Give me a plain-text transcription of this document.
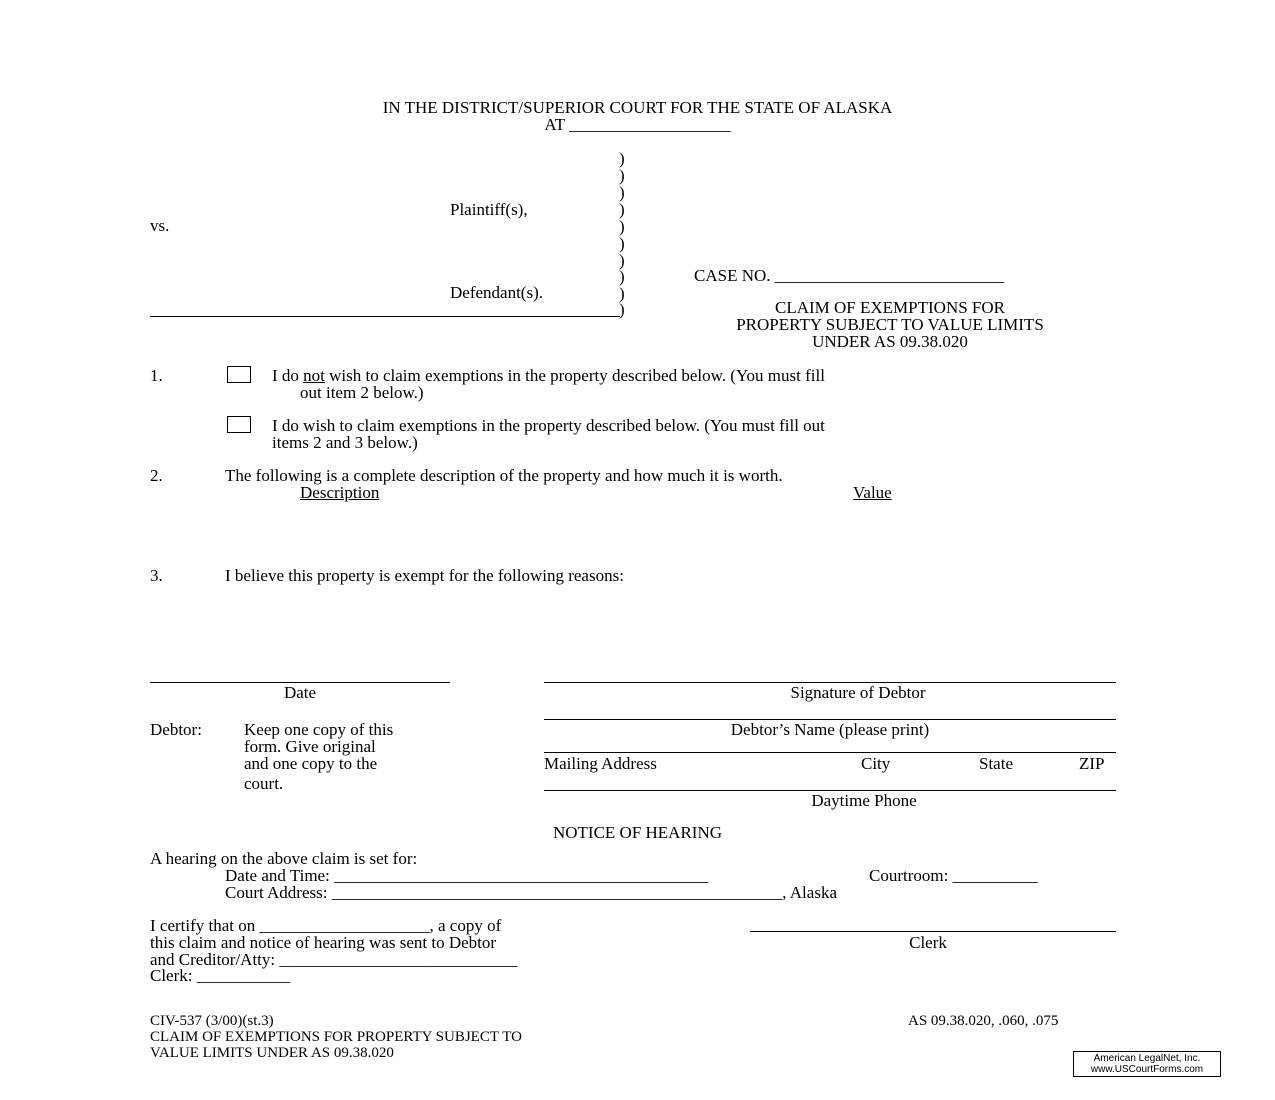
IN THE DISTRICT/SUPERIOR COURT FOR THE STATE OF ALASKA
AT ___________________
)
)
)
)
)
)
)
)
)
)
Plaintiff(s),
vs.
Defendant(s).
CASE NO. ___________________________
CLAIM OF EXEMPTIONS FOR
PROPERTY SUBJECT TO VALUE LIMITS
UNDER AS 09.38.020
1.	I do not wish to claim exemptions in the property described below. (You must fill
out item 2 below.)
I do wish to claim exemptions in the property described below. (You must fill out
items 2 and 3 below.)
2.	The following is a complete description of the property and how much it is worth.
Description	Value
3.	I believe this property is exempt for the following reasons:
Date	Signature of Debtor
Debtor’s Name (please print)
Mailing Address	City	State	ZIP
Daytime Phone
Debtor: Keep one copy of this
form. Give original
and one copy to the
court.
NOTICE OF HEARING
A hearing on the above claim is set for:
Date and Time: ____________________________________________	Courtroom: __________
Court Address: _____________________________________________________, Alaska
I certify that on ____________________, a copy of
this claim and notice of hearing was sent to Debtor
and Creditor/Atty: ____________________________
Clerk: ___________
Clerk
CIV-537 (3/00)(st.3)
CLAIM OF EXEMPTIONS FOR PROPERTY SUBJECT TO
VALUE LIMITS UNDER AS 09.38.020
AS 09.38.020, .060, .075
American LegalNet, Inc.
www.USCourtForms.com
